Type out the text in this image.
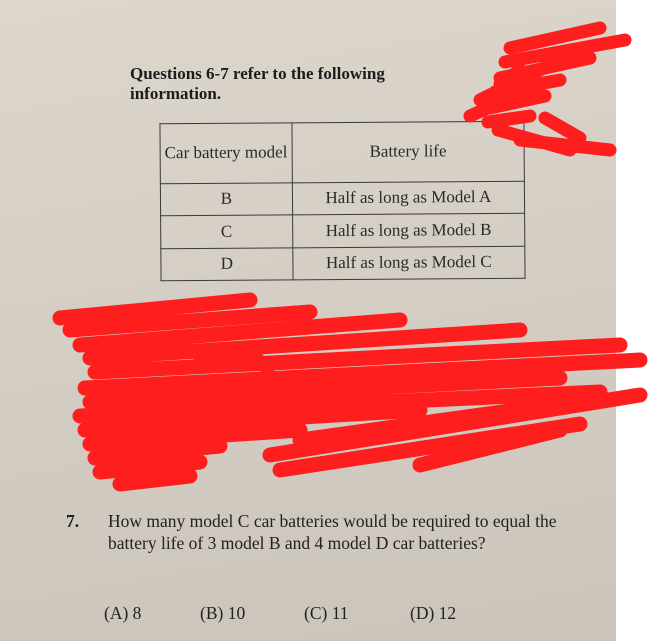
Questions 6-7 refer to the following information.
Car battery model	Battery life
B	Half as long as Model A
C	Half as long as Model B
D	Half as long as Model C
7. How many model C car batteries would be required to equal the battery life of 3 model B and 4 model D car batteries?
(A) 8	(B) 10	(C) 11	(D) 12
